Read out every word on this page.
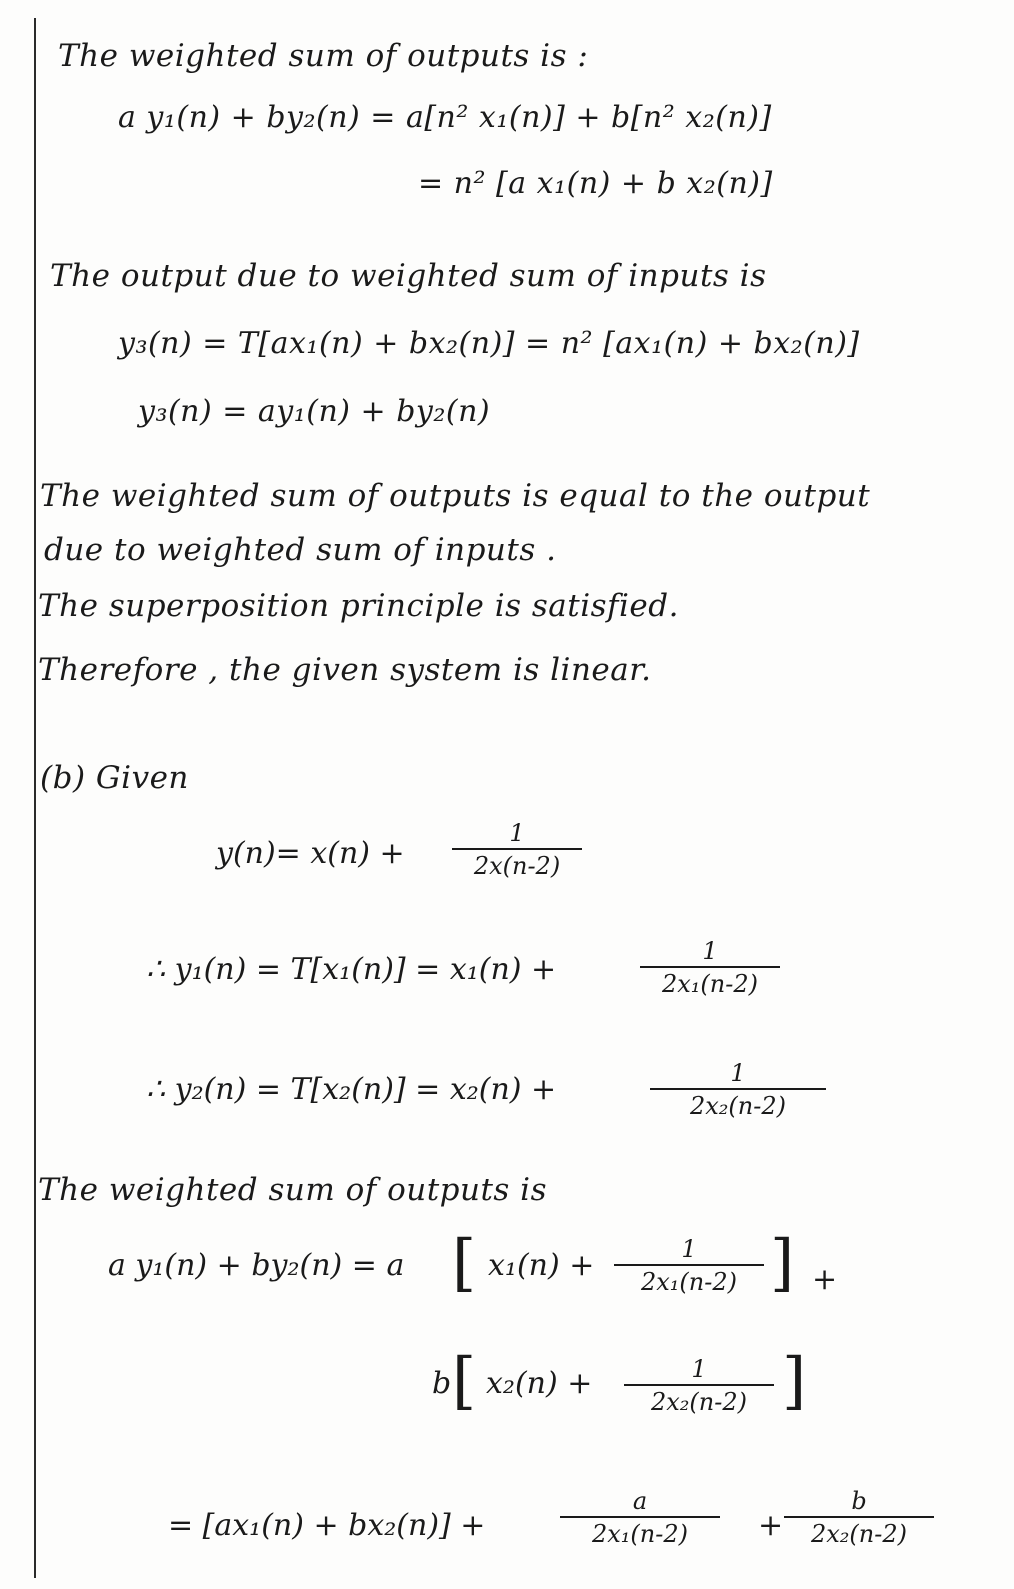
The weighted sum of outputs is :
a y₁(n) + by₂(n) = a[n² x₁(n)] + b[n² x₂(n)]
= n² [a x₁(n) + b x₂(n)]
The output due to weighted sum of inputs is
y₃(n) = T[ax₁(n) + bx₂(n)] = n² [ax₁(n) + bx₂(n)]
y₃(n) = ay₁(n) + by₂(n)
The weighted sum of outputs is equal to the output
due to weighted sum of inputs .
The superposition principle is satisfied.
Therefore , the given system is linear.
(b) Given
y(n)= x(n) +
1
2x(n-2)
∴ y₁(n) = T[x₁(n)] = x₁(n) +
1
2x₁(n-2)
∴ y₂(n) = T[x₂(n)] = x₂(n) +	1
2x₂(n-2)
The weighted sum of outputs is
a y₁(n) + by₂(n) = a [ x₁(n) +	1
2x₁(n-2) ] +
b [ x₂(n) +	1
2x₂(n-2) ]
= [ax₁(n) + bx₂(n)] +
a
2x₁(n-2) +
b
2x₂(n-2)
